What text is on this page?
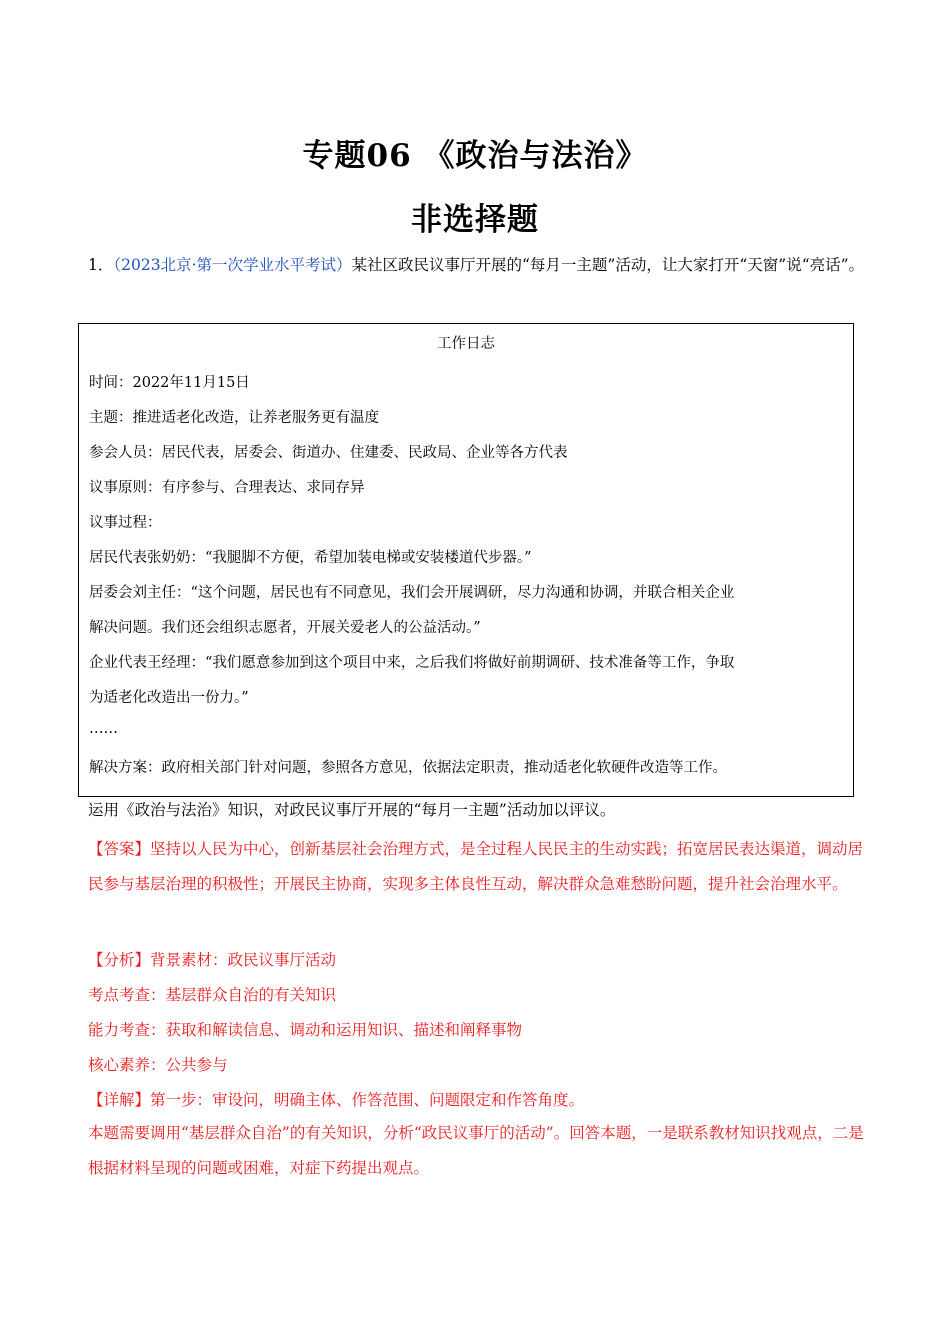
专题06 《政治与法治》
非选择题
1．（2023北京·第一次学业水平考试）某社区政民议事厅开展的“每月一主题”活动，让大家打开“天窗”说“亮话”。
工作日志
时间：2022年11月15日
主题：推进适老化改造，让养老服务更有温度
参会人员：居民代表，居委会、街道办、住建委、民政局、企业等各方代表
议事原则：有序参与、合理表达、求同存异
议事过程：
居民代表张奶奶：“我腿脚不方便，希望加装电梯或安装楼道代步器。”
居委会刘主任：“这个问题，居民也有不同意见，我们会开展调研，尽力沟通和协调，并联合相关企业
解决问题。我们还会组织志愿者，开展关爱老人的公益活动。”
企业代表王经理：“我们愿意参加到这个项目中来，之后我们将做好前期调研、技术准备等工作，争取
为适老化改造出一份力。”
……
解决方案：政府相关部门针对问题，参照各方意见，依据法定职责，推动适老化软硬件改造等工作。
运用《政治与法治》知识，对政民议事厅开展的“每月一主题”活动加以评议。
【答案】坚持以人民为中心，创新基层社会治理方式，是全过程人民民主的生动实践；拓宽居民表达渠道，调动居民参与基层治理的积极性；开展民主协商，实现多主体良性互动，解决群众急难愁盼问题，提升社会治理水平。
【分析】背景素材：政民议事厅活动
考点考查：基层群众自治的有关知识
能力考查：获取和解读信息、调动和运用知识、描述和阐释事物
核心素养：公共参与
【详解】第一步：审设问，明确主体、作答范围、问题限定和作答角度。
本题需要调用“基层群众自治”的有关知识，分析“政民议事厅的活动”。回答本题，一是联系教材知识找观点，二是根据材料呈现的问题或困难，对症下药提出观点。
